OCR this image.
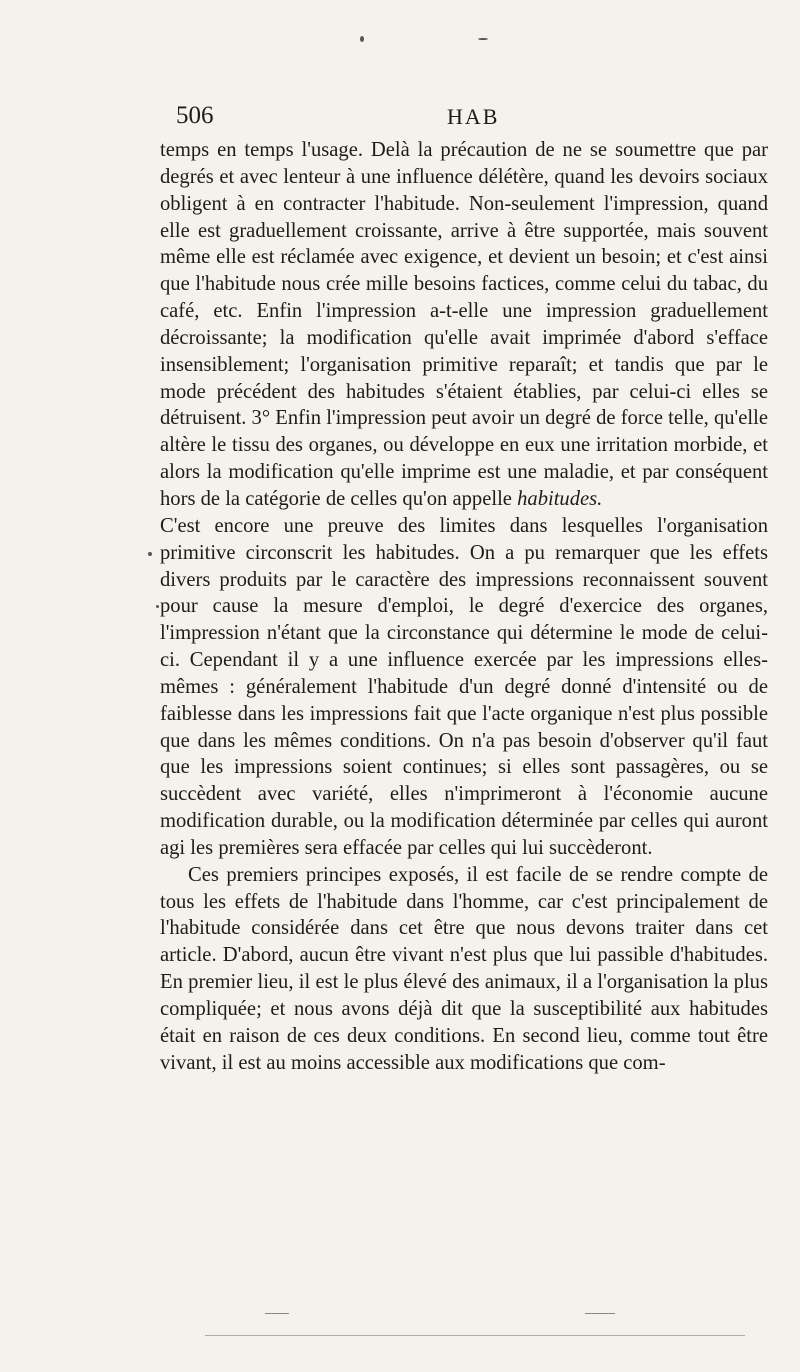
506	HAB

temps en temps l'usage. Delà la précaution de ne se soumettre que par degrés et avec lenteur à une influence délétère, quand les devoirs sociaux obligent à en contracter l'habitude. Non-seulement l'impression, quand elle est graduellement croissante, arrive à être supportée, mais souvent même elle est réclamée avec exigence, et devient un besoin; et c'est ainsi que l'habitude nous crée mille besoins factices, comme celui du tabac, du café, etc. Enfin l'impression a-t-elle une impression graduellement décroissante; la modification qu'elle avait imprimée d'abord s'efface insensiblement; l'organisation primitive reparaît; et tandis que par le mode précédent des habitudes s'étaient établies, par celui-ci elles se détruisent. 3° Enfin l'impression peut avoir un degré de force telle, qu'elle altère le tissu des organes, ou développe en eux une irritation morbide, et alors la modification qu'elle imprime est une maladie, et par conséquent hors de la catégorie de celles qu'on appelle habitudes.

C'est encore une preuve des limites dans lesquelles l'organisation primitive circonscrit les habitudes. On a pu remarquer que les effets divers produits par le caractère des impressions reconnaissent souvent pour cause la mesure d'emploi, le degré d'exercice des organes, l'impression n'étant que la circonstance qui détermine le mode de celui-ci. Cependant il y a une influence exercée par les impressions elles-mêmes : généralement l'habitude d'un degré donné d'intensité ou de faiblesse dans les impressions fait que l'acte organique n'est plus possible que dans les mêmes conditions. On n'a pas besoin d'observer qu'il faut que les impressions soient continues; si elles sont passagères, ou se succèdent avec variété, elles n'imprimeront à l'économie aucune modification durable, ou la modification déterminée par celles qui auront agi les premières sera effacée par celles qui lui succèderont.

Ces premiers principes exposés, il est facile de se rendre compte de tous les effets de l'habitude dans l'homme, car c'est principalement de l'habitude considérée dans cet être que nous devons traiter dans cet article. D'abord, aucun être vivant n'est plus que lui passible d'habitudes. En premier lieu, il est le plus élevé des animaux, il a l'organisation la plus compliquée; et nous avons déjà dit que la susceptibilité aux habitudes était en raison de ces deux conditions. En second lieu, comme tout être vivant, il est au moins accessible aux modifications que com-
